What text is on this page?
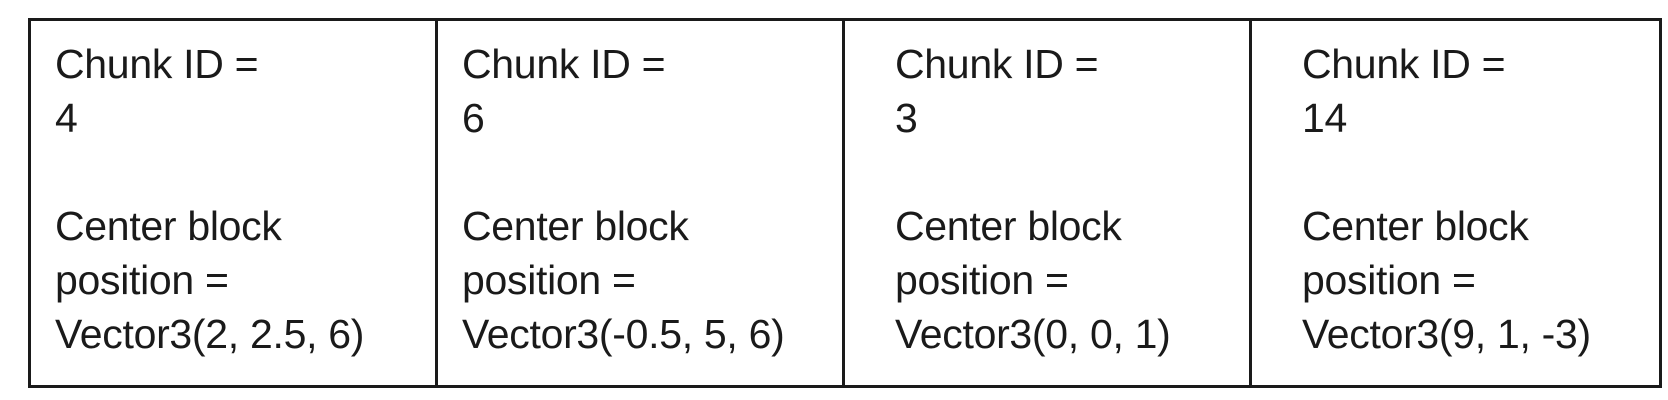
Chunk ID =
4
Center block
position =
Vector3(2, 2.5, 6)
Chunk ID =
6
Center block
position =
Vector3(-0.5, 5, 6)
Chunk ID =
3
Center block
position =
Vector3(0, 0, 1)
Chunk ID =
14
Center block
position =
Vector3(9, 1, -3)
